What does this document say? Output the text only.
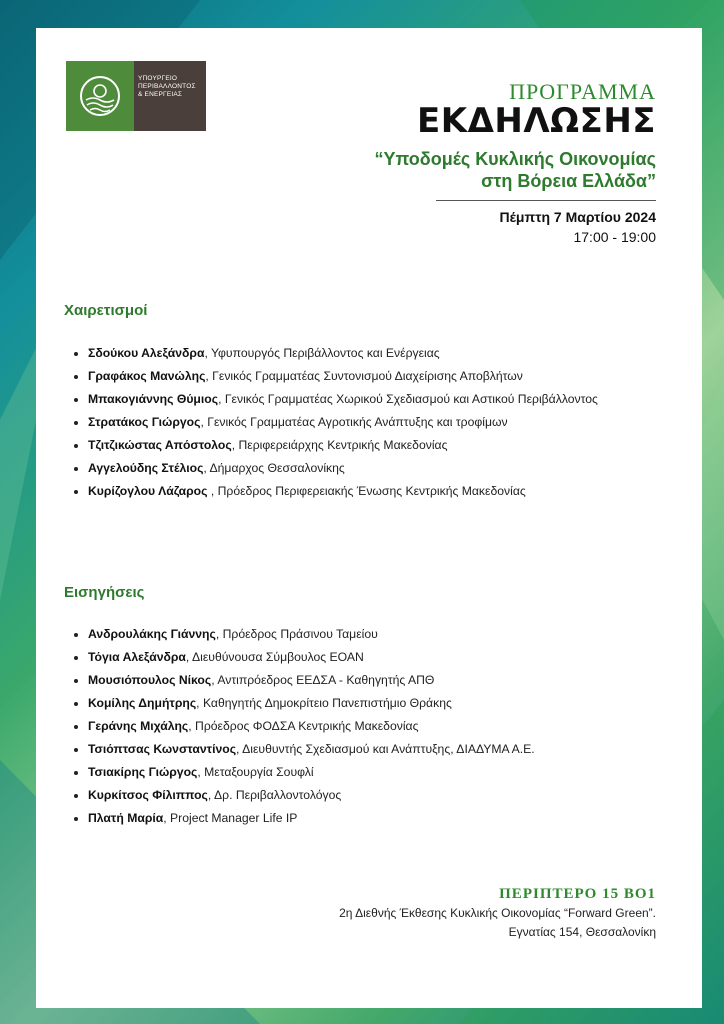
ΥΠΟΥΡΓΕΙΟ
ΠΕΡΙΒΑΛΛΟΝΤΟΣ
& ΕΝΕΡΓΕΙΑΣ	ΠΡΟΓΡΑΜΜΑ
ΕΚΔΗΛΩΣΗΣ
“Υποδομές Κυκλικής Οικονομίας
στη Βόρεια Ελλάδα”
Πέμπτη 7 Μαρτίου 2024
17:00 - 19:00
Χαιρετισμοί
• Σδούκου Αλεξάνδρα, Υφυπουργός Περιβάλλοντος και Ενέργειας
• Γραφάκος Μανώλης, Γενικός Γραμματέας Συντονισμού Διαχείρισης Αποβλήτων
• Μπακογιάννης Θύμιος, Γενικός Γραμματέας Χωρικού Σχεδιασμού και Αστικού Περιβάλλοντος
• Στρατάκος Γιώργος, Γενικός Γραμματέας Αγροτικής Ανάπτυξης και τροφίμων
• Τζιτζικώστας Απόστολος, Περιφερειάρχης Κεντρικής Μακεδονίας
• Αγγελούδης Στέλιος, Δήμαρχος Θεσσαλονίκης
• Κυρίζογλου Λάζαρος , Πρόεδρος Περιφερειακής Ένωσης Κεντρικής Μακεδονίας
Εισηγήσεις
• Ανδρουλάκης Γιάννης, Πρόεδρος Πράσινου Ταμείου
• Τόγια Αλεξάνδρα, Διευθύνουσα Σύμβουλος ΕΟΑΝ
• Μουσιόπουλος Νίκος, Αντιπρόεδρος ΕΕΔΣΑ - Καθηγητής ΑΠΘ
• Κομίλης Δημήτρης, Καθηγητής Δημοκρίτειο Πανεπιστήμιο Θράκης
• Γεράνης Μιχάλης, Πρόεδρος ΦΟΔΣΑ Κεντρικής Μακεδονίας
• Τσιόπτσας Κωνσταντίνος, Διευθυντής Σχεδιασμού και Ανάπτυξης, ΔΙΑΔΥΜΑ Α.Ε.
• Τσιακίρης Γιώργος, Μεταξουργία Σουφλί
• Κυρκίτσος Φίλιππος, Δρ. Περιβαλλοντολόγος
• Πλατή Μαρία, Project Manager Life IP
ΠΕΡΙΠΤΕΡΟ 15 ΒΟ1
2η Διεθνής Έκθεσης Κυκλικής Οικονομίας “Forward Green”.
Εγνατίας 154, Θεσσαλονίκη
